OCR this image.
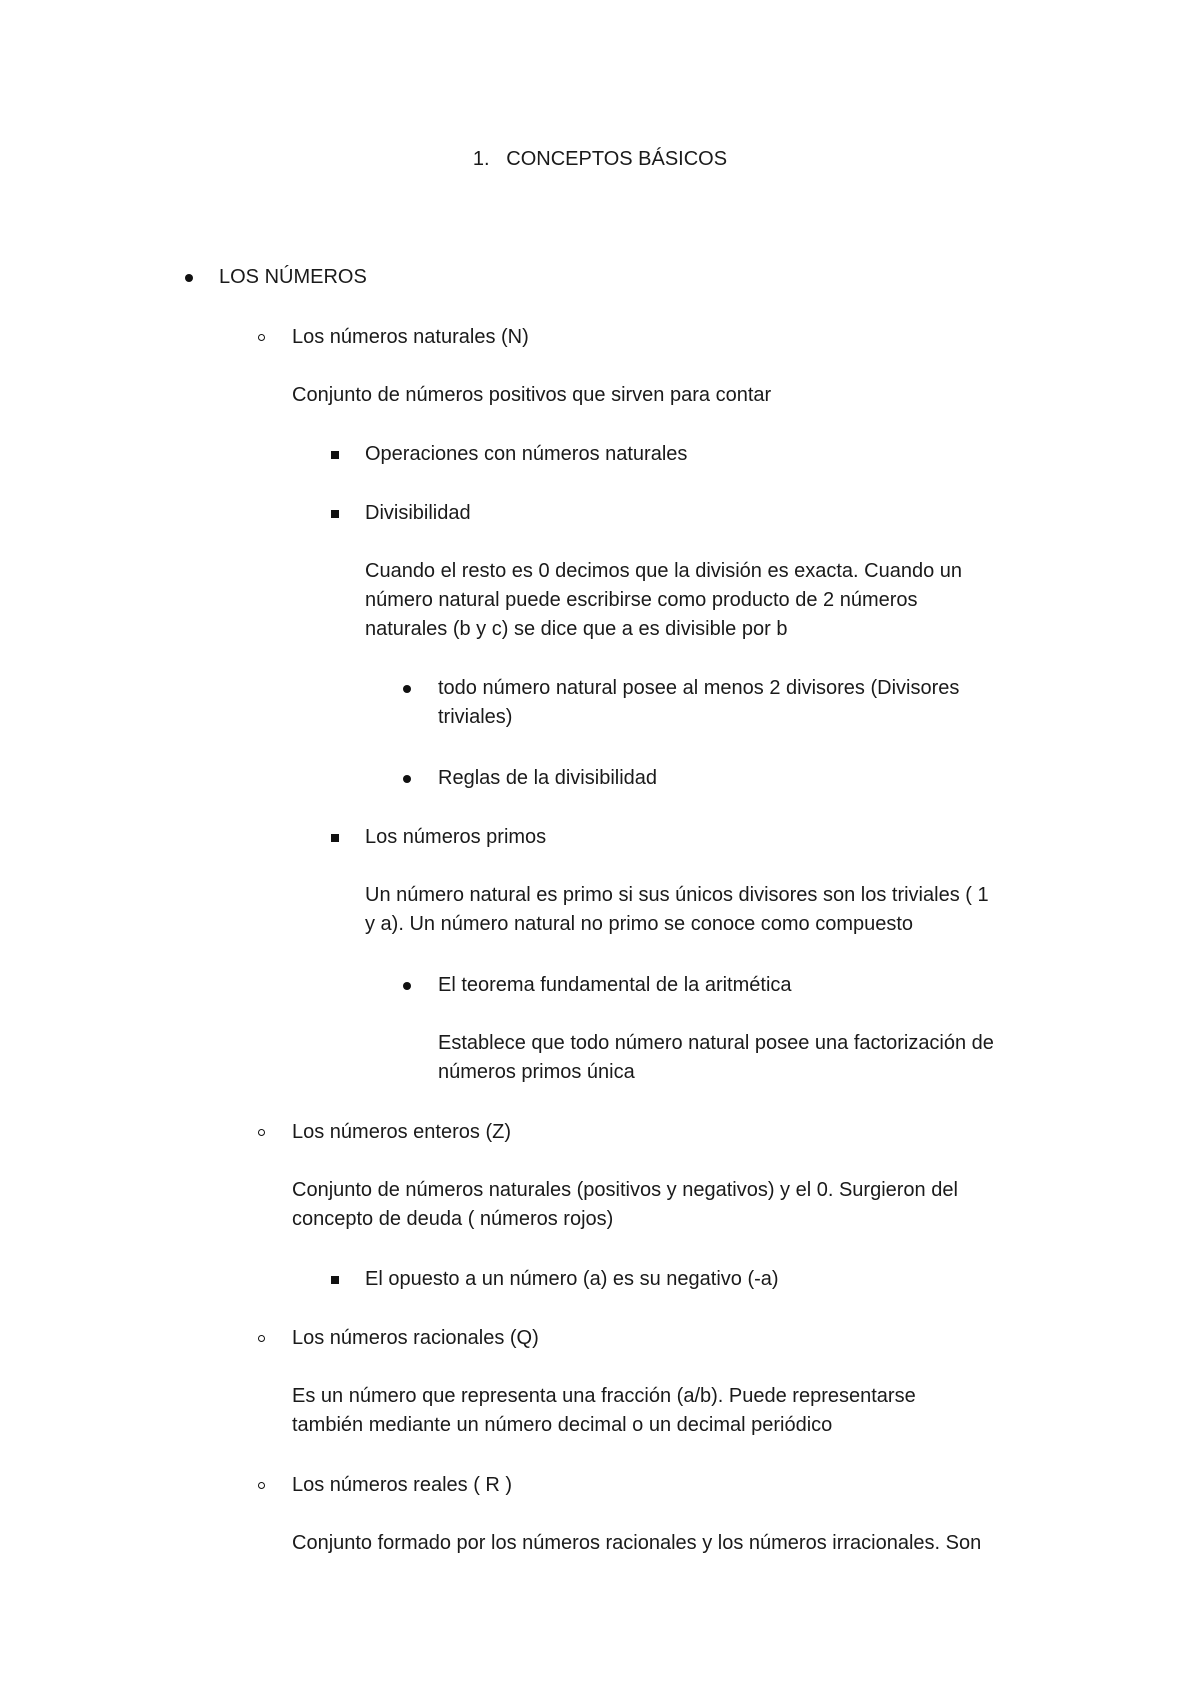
1.   CONCEPTOS BÁSICOS
LOS NÚMEROS
Los números naturales (N)
Conjunto de números positivos que sirven para contar
Operaciones con números naturales
Divisibilidad
Cuando el resto es 0 decimos que la división es exacta. Cuando un
número natural puede escribirse como producto de 2 números
naturales (b y c) se dice que a es divisible por b
todo número natural posee al menos 2 divisores (Divisores
triviales)
Reglas de la divisibilidad
Los números primos
Un número natural es primo si sus únicos divisores son los triviales ( 1
y a). Un número natural no primo se conoce como compuesto
El teorema fundamental de la aritmética
Establece que todo número natural posee una factorización de
números primos única
Los números enteros (Z)
Conjunto de números naturales (positivos y negativos) y el 0. Surgieron del
concepto de deuda ( números rojos)
El opuesto a un número (a) es su negativo (-a)
Los números racionales (Q)
Es un número que representa una fracción (a/b). Puede representarse
también mediante un número decimal o un decimal periódico
Los números reales ( R )
Conjunto formado por los números racionales y los números irracionales. Son
